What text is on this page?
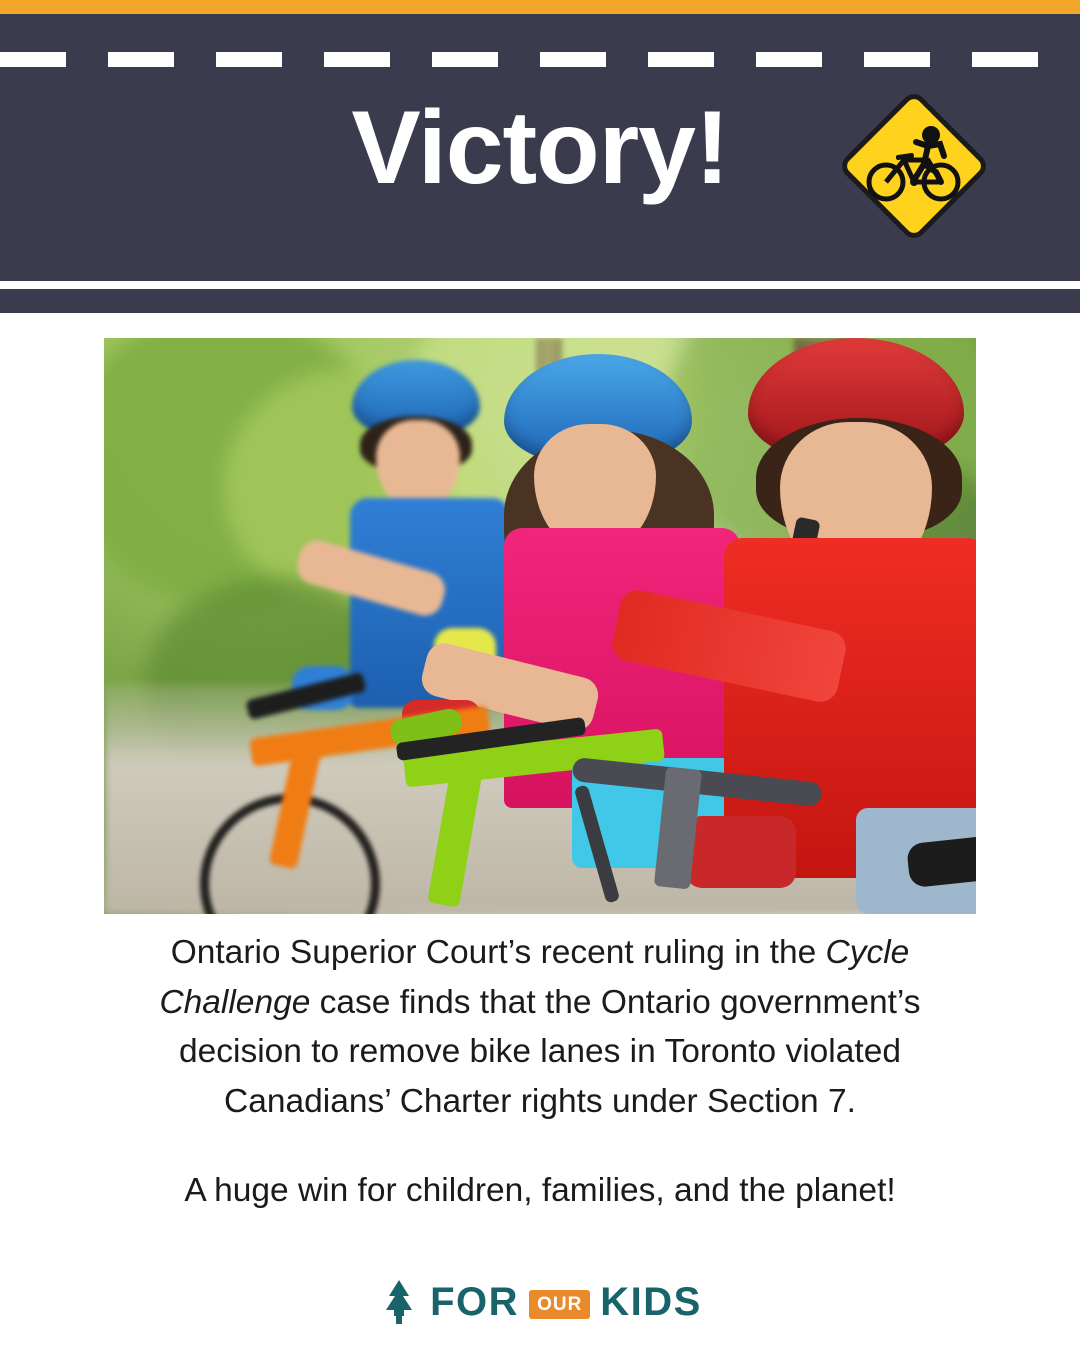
Victory!
Ontario Superior Court’s recent ruling in the Cycle Challenge case finds that the Ontario government’s decision to remove bike lanes in Toronto violated Canadians’ Charter rights under Section 7.
A huge win for children, families, and the planet!
FOR OUR KIDS
